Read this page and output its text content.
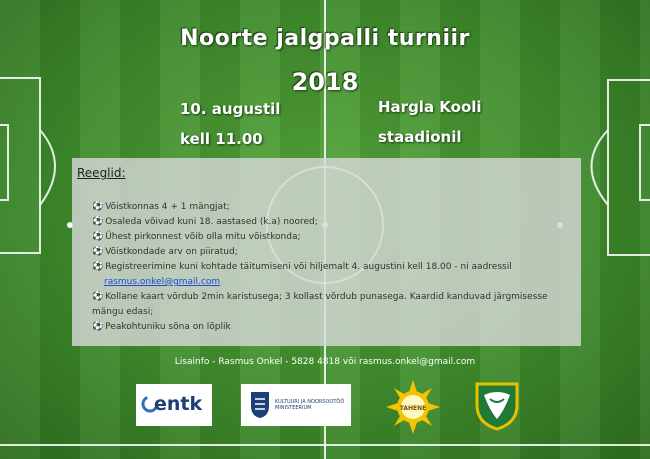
Noorte jalgpalli turniir
2018
10. augustil
kell 11.00
Hargla Kooli
staadionil
Reeglid:
⚽ Võistkonnas 4 + 1 mängjat;
⚽ Osaleda võivad kuni 18. aastased (k.a) noored;
⚽ Ühest pirkonnest võib olla mitu võistkonda;
⚽ Võistkondade arv on piiratud;
⚽ Registreerimine kuni kohtade täitumiseni või hiljemalt 4. augustini kell 18.00 - ni aadressil
rasmus.onkel@gmail.com
⚽ Kollane kaart võrdub 2min karistusega; 3 kollast võrdub punasega. Kaardid kanduvad järgmisesse mängu edasi;
⚽ Peakohtuniku sõna on lõplik
Lisainfo - Rasmus Onkel - 5828 4818 või rasmus.onkel@gmail.com
entk	KULTUURI JA NOORSOOTÖÖ MINISTEERIUM	TAHENE
